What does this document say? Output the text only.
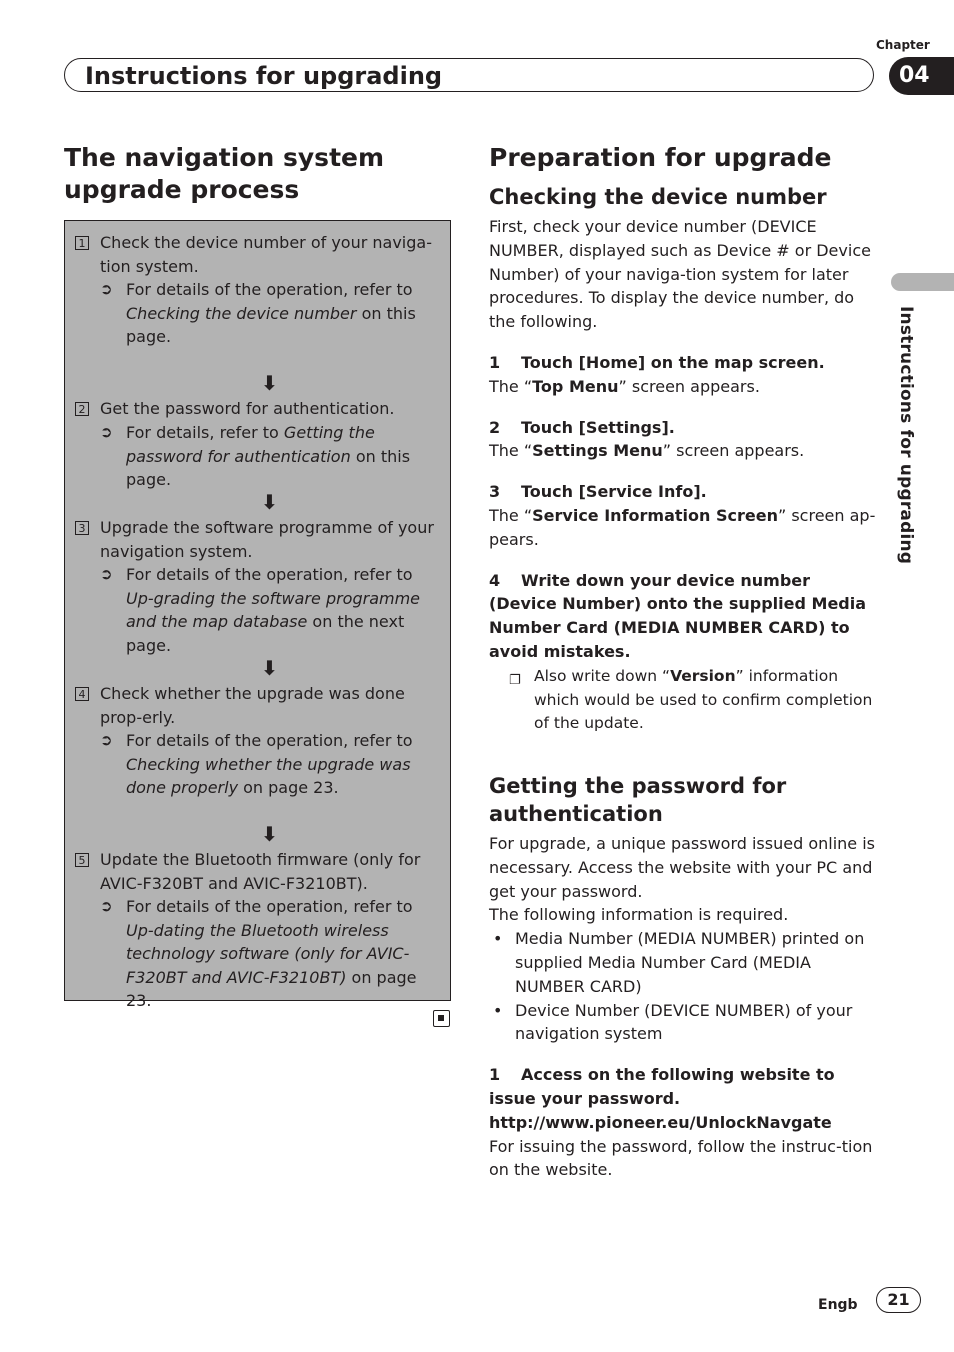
Chapter
04
Instructions for upgrading
Instructions for upgrading
The navigation system upgrade process
1 Check the device number of your naviga-tion system.
➲ For details of the operation, refer to Checking the device number on this page.
⬇
2 Get the password for authentication.
➲ For details, refer to Getting the password for authentication on this page.
⬇
3 Upgrade the software programme of your navigation system.
➲ For details of the operation, refer to Up-grading the software programme and the map database on the next page.
⬇
4 Check whether the upgrade was done prop-erly.
➲ For details of the operation, refer to Checking whether the upgrade was done properly on page 23.
⬇
5 Update the Bluetooth firmware (only for AVIC-F320BT and AVIC-F3210BT).
➲ For details of the operation, refer to Up-dating the Bluetooth wireless technology software (only for AVIC-F320BT and AVIC-F3210BT) on page 23.
Preparation for upgrade
Checking the device number
First, check your device number (DEVICE NUMBER, displayed such as Device # or Device Number) of your naviga-tion system for later procedures. To display the device number, do the following.
1 Touch [Home] on the map screen.
The “Top Menu” screen appears.
2 Touch [Settings].
The “Settings Menu” screen appears.
3 Touch [Service Info].
The “Service Information Screen” screen ap-pears.
4 Write down your device number (Device Number) onto the supplied Media Number Card (MEDIA NUMBER CARD) to avoid mistakes.
❐ Also write down “Version” information which would be used to confirm completion of the update.
Getting the password for authentication
For upgrade, a unique password issued online is necessary. Access the website with your PC and get your password.
The following information is required.
• Media Number (MEDIA NUMBER) printed on supplied Media Number Card (MEDIA NUMBER CARD)
• Device Number (DEVICE NUMBER) of your navigation system
1 Access on the following website to issue your password.
http://www.pioneer.eu/UnlockNavgate
For issuing the password, follow the instruc-tion on the website.
Engb	21
